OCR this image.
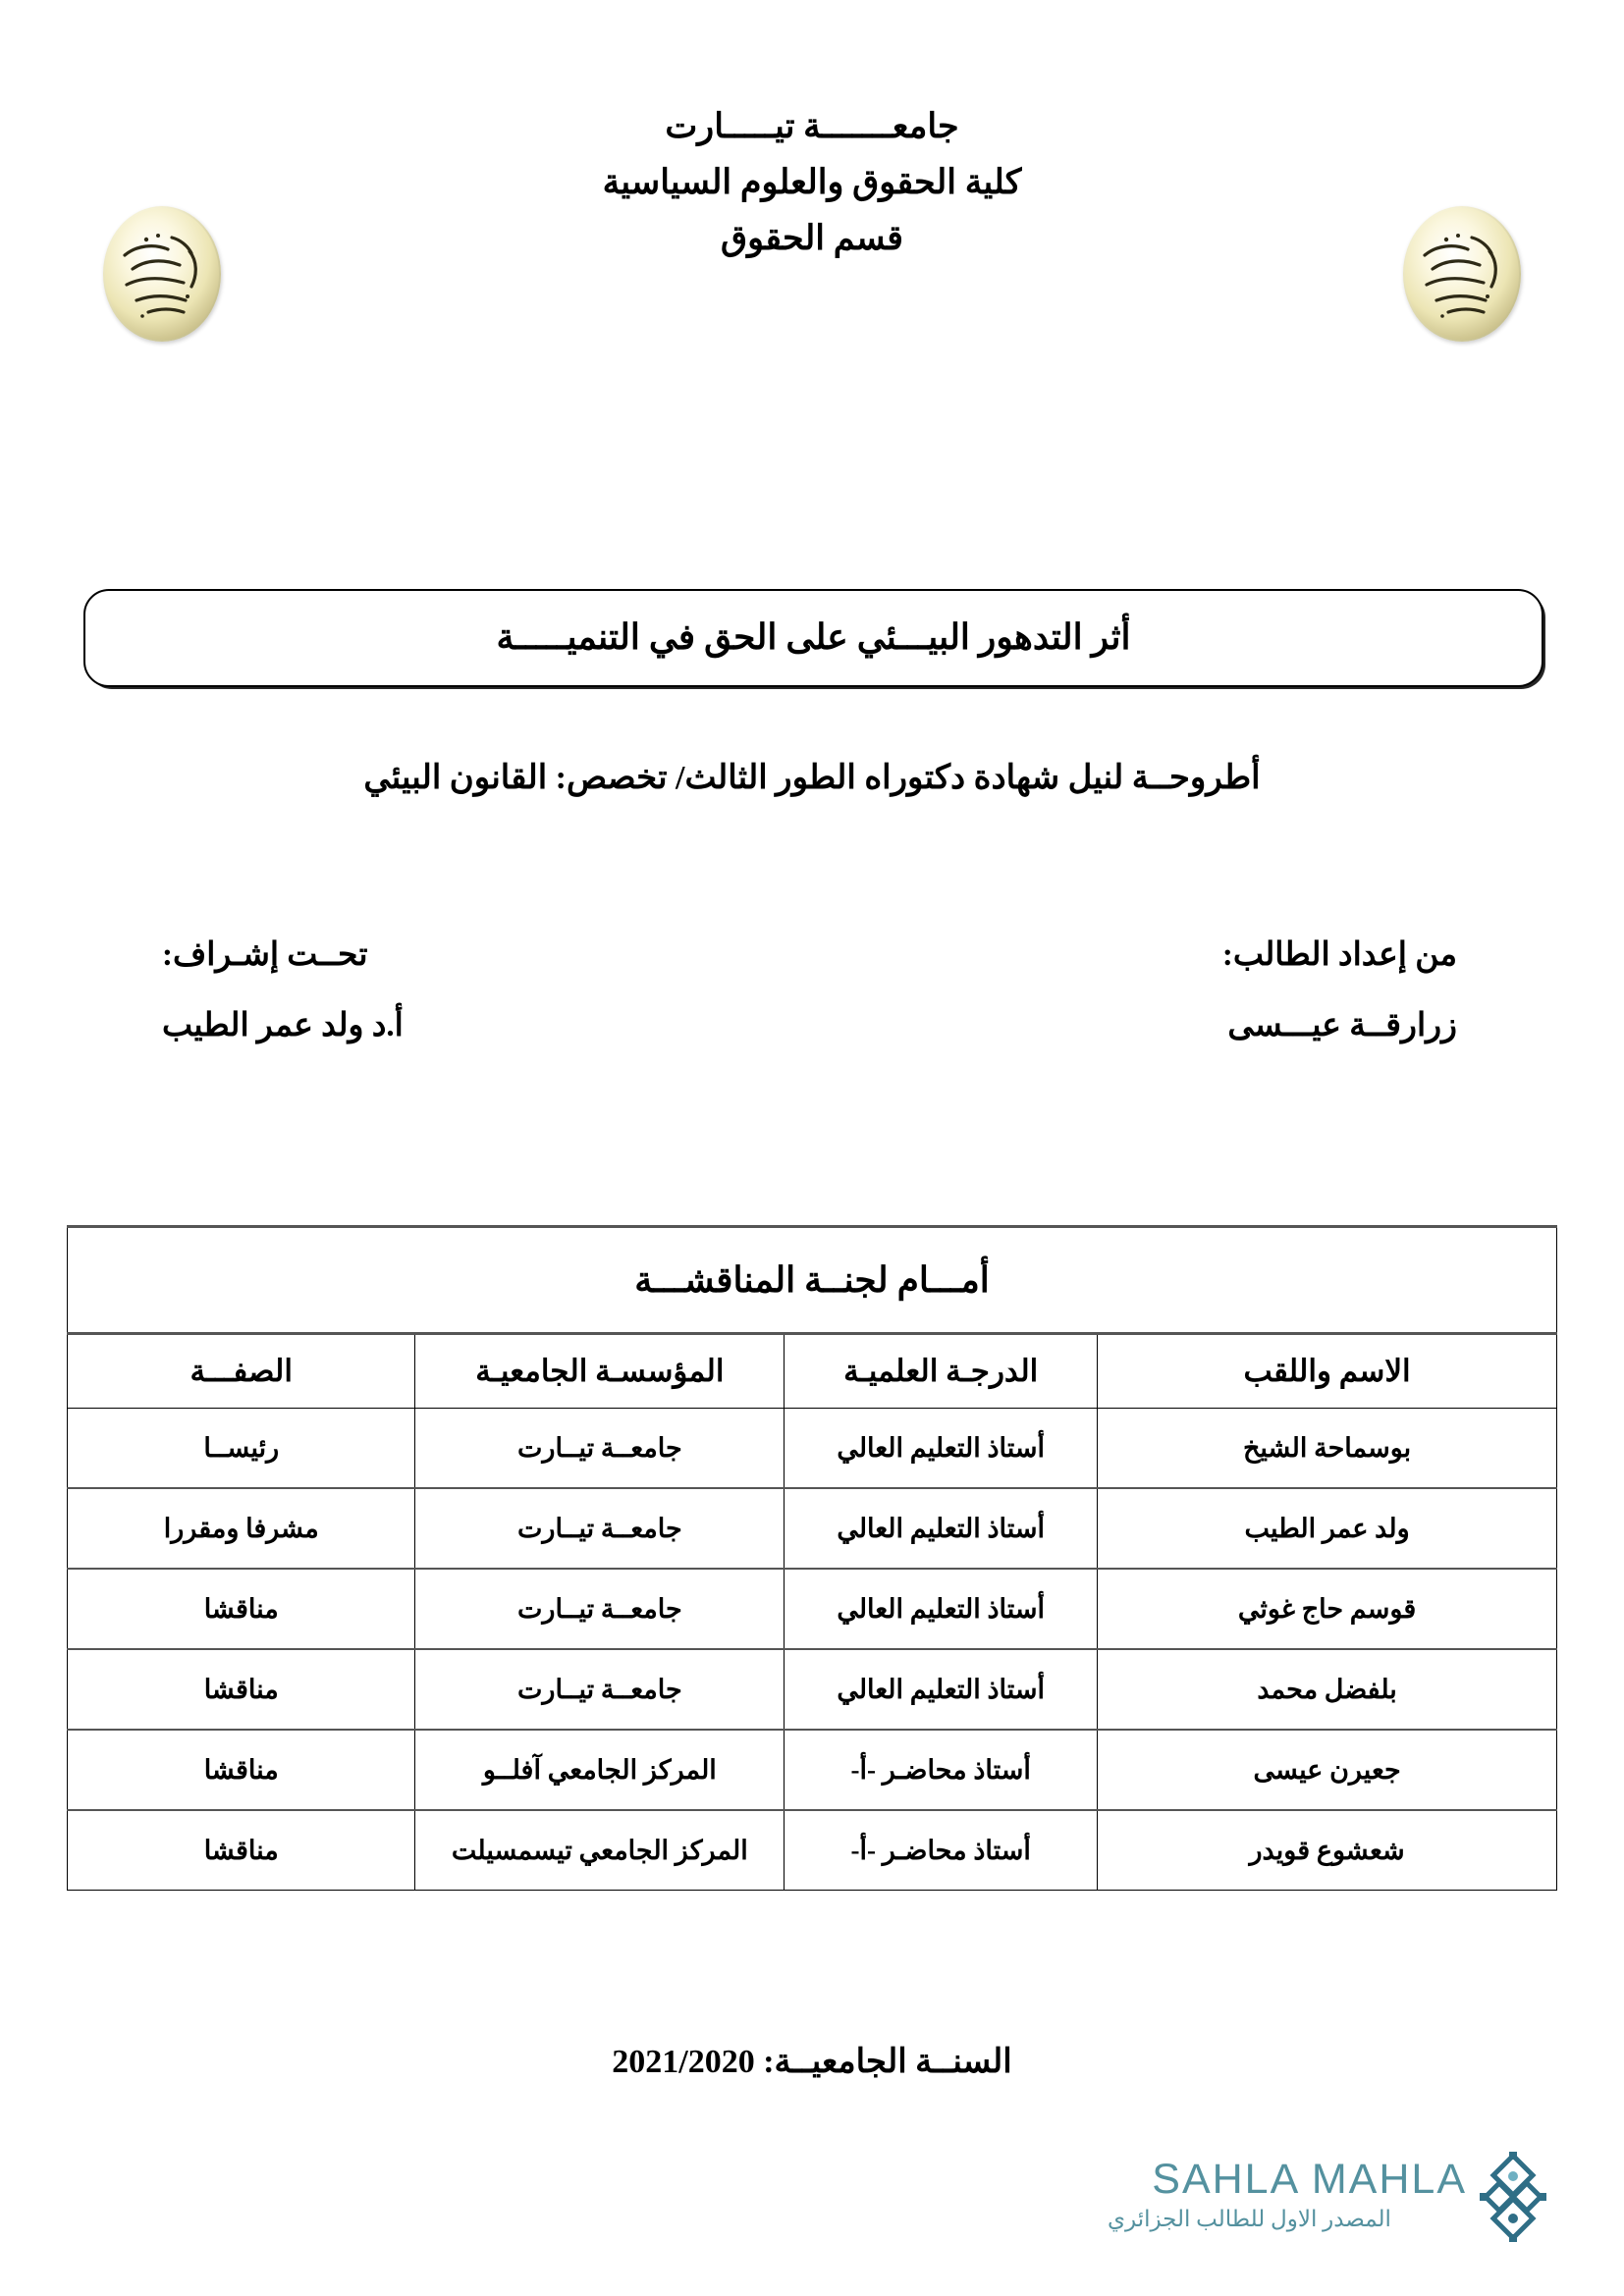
جامعـــــــة تيـــــارت
كلية الحقوق والعلوم السياسية
قسم الحقوق
أثر التدهور البيـــئي على الحق في التنميـــــة
أطروحــة لنيل شهادة دكتوراه الطور الثالث/ تخصص: القانون البيئي
من إعداد الطالب:
زرارقــة عيـــسى
تحــت إشـراف:
أ.د ولد عمر الطيب
أمـــام لجنــة المناقشـــة			
الاسم واللقب	الدرجـة العلميـة	المؤسسـة الجامعيـة	الصفـــة
بوسماحة الشيخ	أستاذ التعليم العالي	جامعــة تيــارت	رئيســا
ولد عمر الطيب	أستاذ التعليم العالي	جامعــة تيــارت	مشرفا ومقررا
قوسم حاج غوثي	أستاذ التعليم العالي	جامعــة تيــارت	مناقشا
بلفضل محمد	أستاذ التعليم العالي	جامعــة تيــارت	مناقشا
جعيرن عيسى	أستاذ محاضـر -أ-	المركز الجامعي آفلــو	مناقشا
شعشوع قويدر	أستاذ محاضـر -أ-	المركز الجامعي تيسمسيلت	مناقشا
السنــة الجامعيــة: 2021/2020
SAHLA MAHLA
المصدر الاول للطالب الجزائري
